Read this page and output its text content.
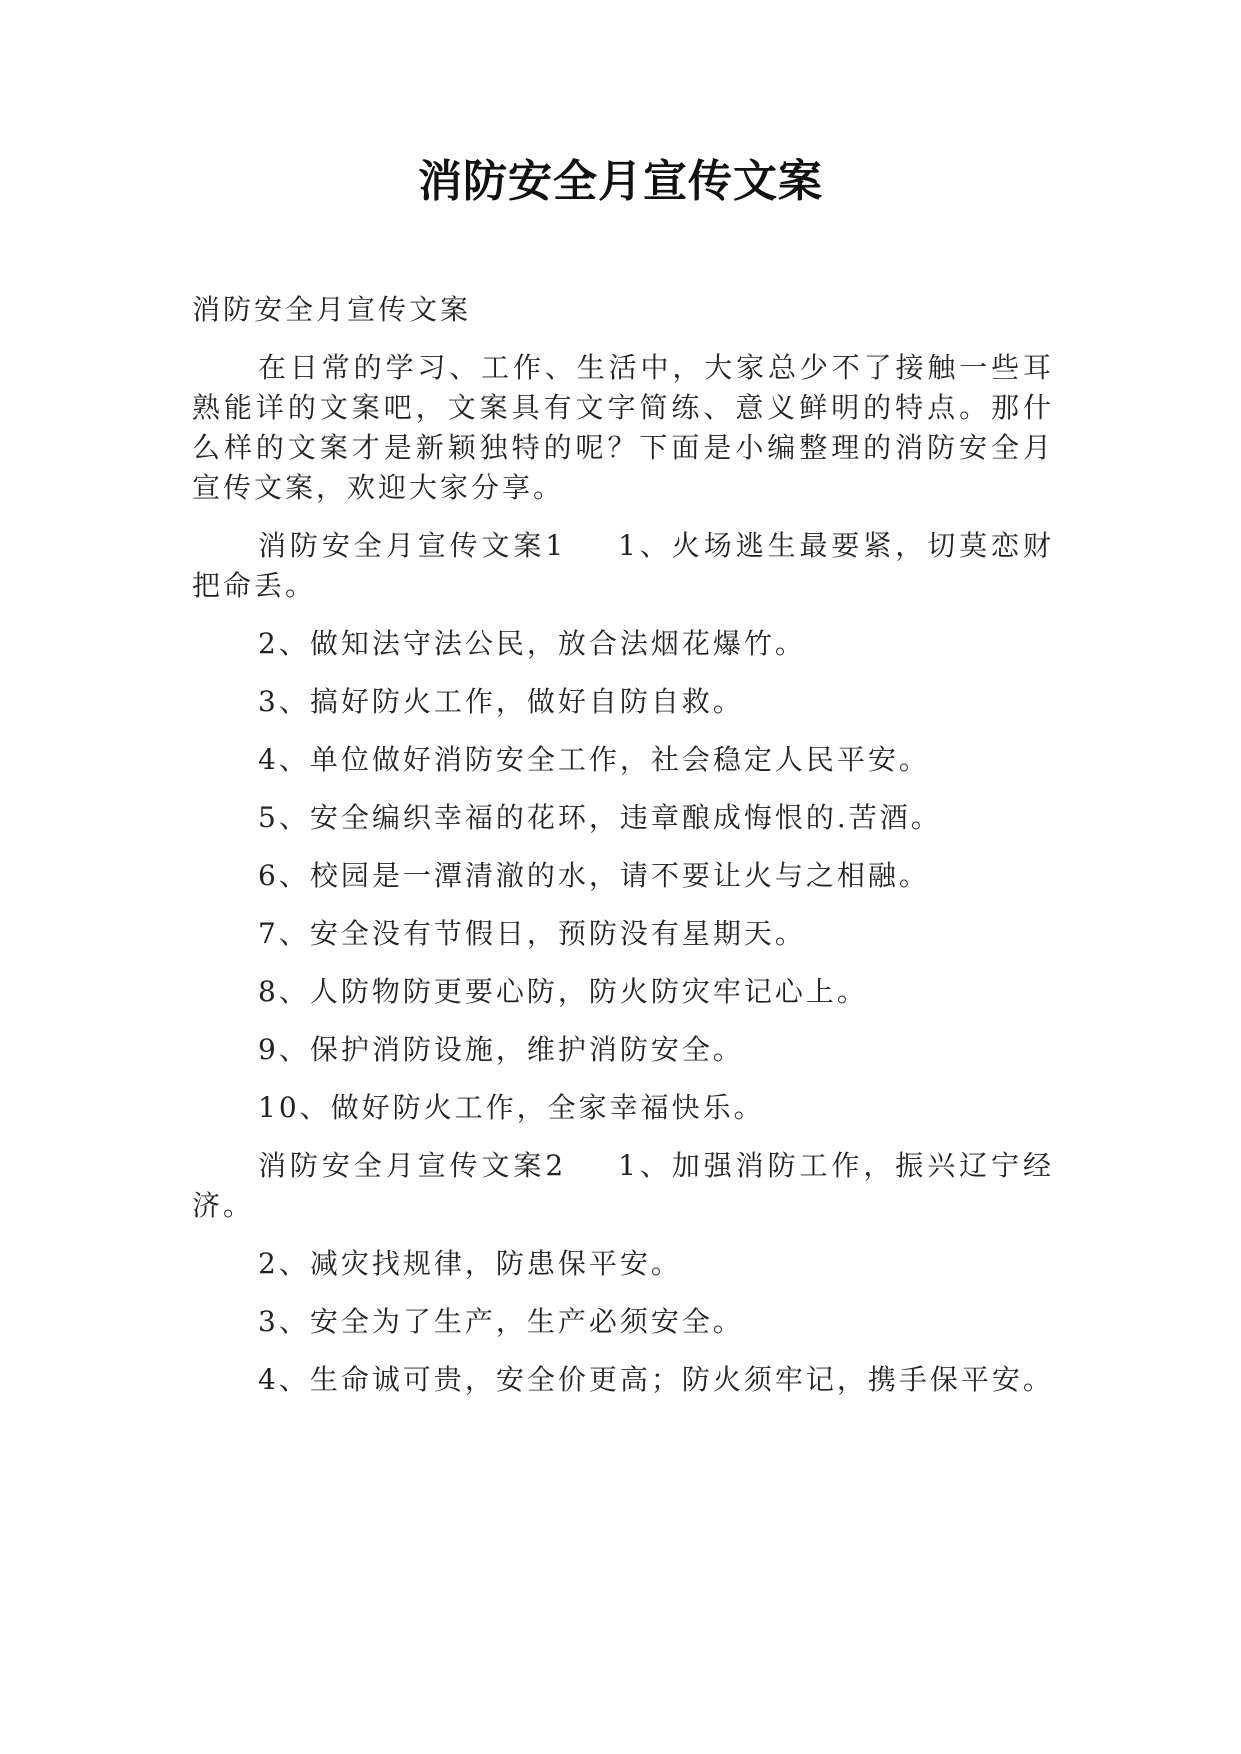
消防安全月宣传文案

消防安全月宣传文案

在日常的学习、工作、生活中，大家总少不了接触一些耳熟能详的文案吧，文案具有文字简练、意义鲜明的特点。那什么样的文案才是新颖独特的呢？下面是小编整理的消防安全月宣传文案，欢迎大家分享。

消防安全月宣传文案1 1、火场逃生最要紧，切莫恋财把命丢。

2、做知法守法公民，放合法烟花爆竹。

3、搞好防火工作，做好自防自救。

4、单位做好消防安全工作，社会稳定人民平安。

5、安全编织幸福的花环，违章酿成悔恨的.苦酒。

6、校园是一潭清澈的水，请不要让火与之相融。

7、安全没有节假日，预防没有星期天。

8、人防物防更要心防，防火防灾牢记心上。

9、保护消防设施，维护消防安全。

10、做好防火工作，全家幸福快乐。

消防安全月宣传文案2 1、加强消防工作，振兴辽宁经济。

2、减灾找规律，防患保平安。

3、安全为了生产，生产必须安全。

4、生命诚可贵，安全价更高；防火须牢记，携手保平安。
